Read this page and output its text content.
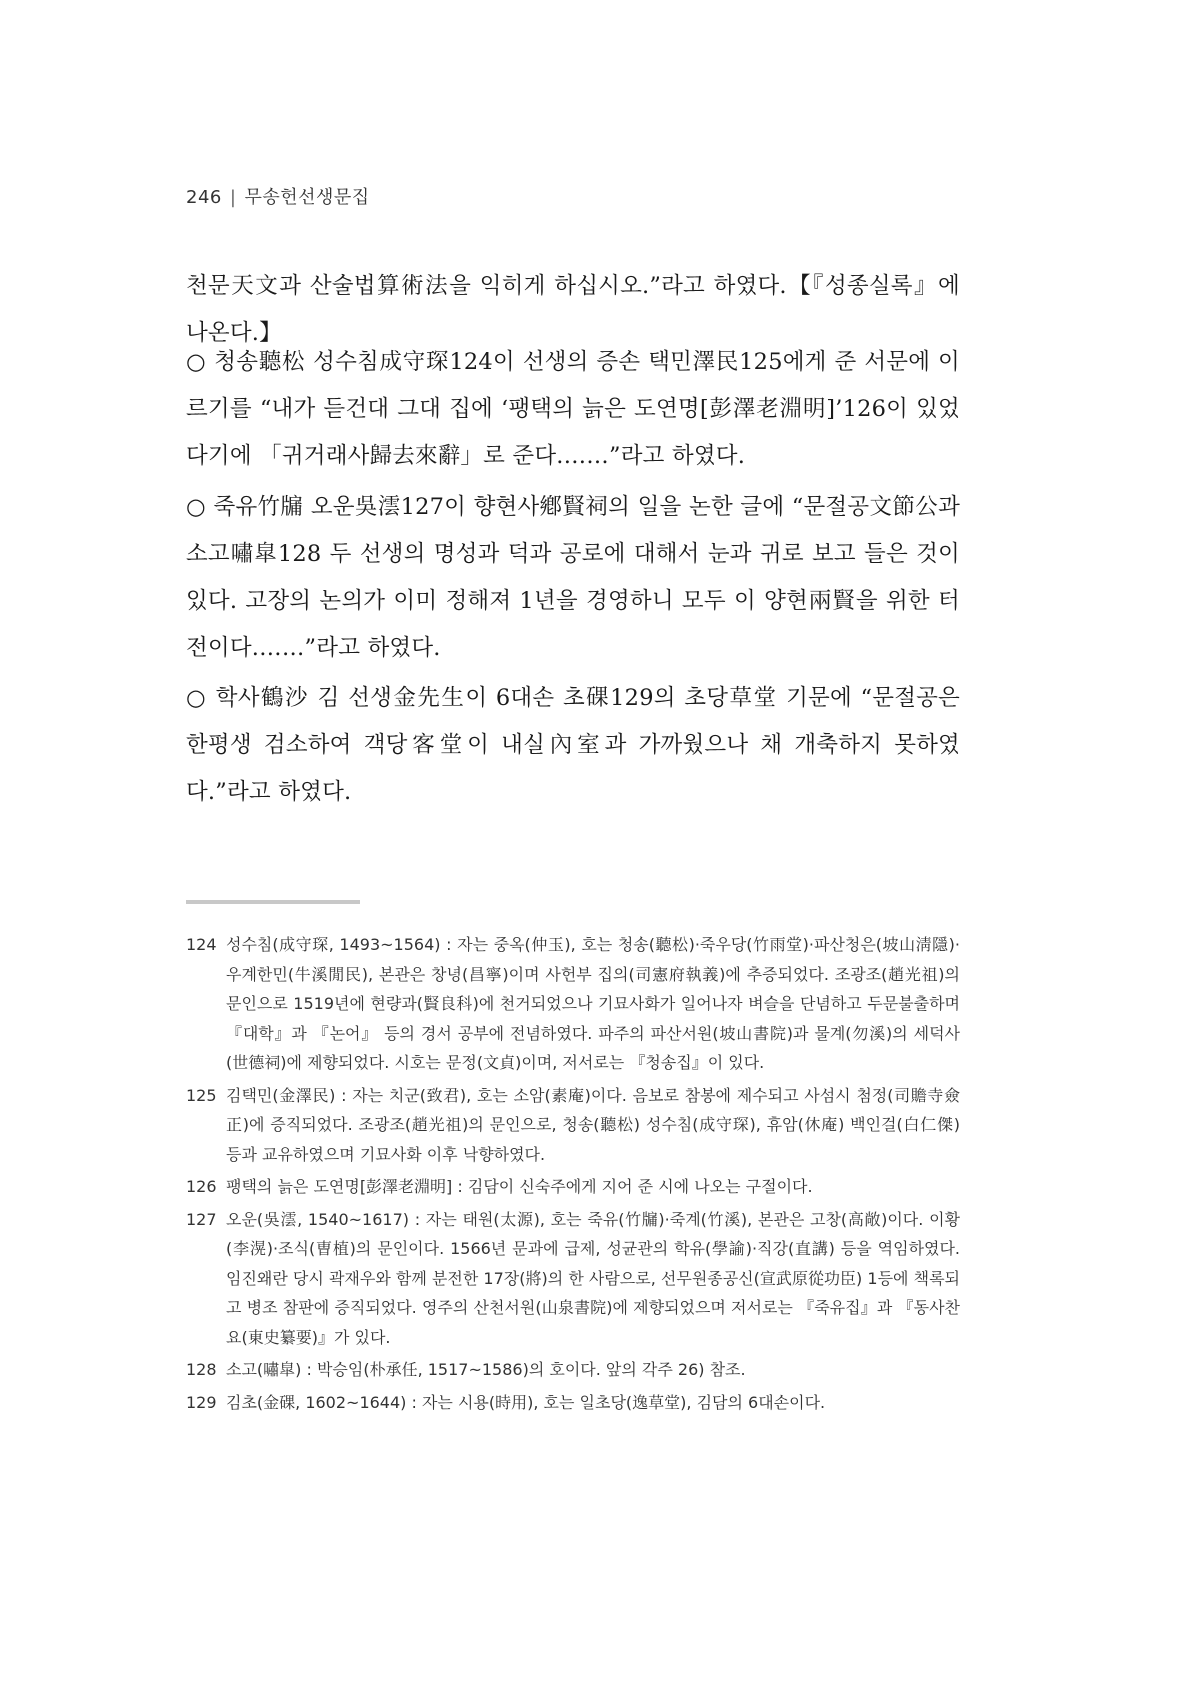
246 | 무송헌선생문집

천문天文과 산술법算術法을 익히게 하십시오.”라고 하였다.【『성종실록』에 나온다.】

○ 청송聽松 성수침成守琛124이 선생의 증손 택민澤民125에게 준 서문에 이르기를 “내가 듣건대 그대 집에 ‘팽택의 늙은 도연명[彭澤老淵明]’126이 있었다기에 「귀거래사歸去來辭」로 준다.……”라고 하였다.

○ 죽유竹牖 오운吳澐127이 향현사鄕賢祠의 일을 논한 글에 “문절공文節公과 소고嘯皐128 두 선생의 명성과 덕과 공로에 대해서 눈과 귀로 보고 들은 것이 있다. 고장의 논의가 이미 정해져 1년을 경영하니 모두 이 양현兩賢을 위한 터전이다.……”라고 하였다.

○ 학사鶴沙 김 선생金先生이 6대손 초䂺129의 초당草堂 기문에 “문절공은 한평생 검소하여 객당客堂이 내실內室과 가까웠으나 채 개축하지 못하였다.”라고 하였다.

124 성수침(成守琛, 1493~1564) : 자는 중옥(仲玉), 호는 청송(聽松)·죽우당(竹雨堂)·파산청은(坡山淸隱)·우계한민(牛溪閒民), 본관은 창녕(昌寧)이며 사헌부 집의(司憲府執義)에 추증되었다. 조광조(趙光祖)의 문인으로 1519년에 현량과(賢良科)에 천거되었으나 기묘사화가 일어나자 벼슬을 단념하고 두문불출하며 『대학』과 『논어』 등의 경서 공부에 전념하였다. 파주의 파산서원(坡山書院)과 물계(勿溪)의 세덕사(世德祠)에 제향되었다. 시호는 문정(文貞)이며, 저서로는 『청송집』이 있다.
125 김택민(金澤民) : 자는 치군(致君), 호는 소암(素庵)이다. 음보로 참봉에 제수되고 사섬시 첨정(司贍寺僉正)에 증직되었다. 조광조(趙光祖)의 문인으로, 청송(聽松) 성수침(成守琛), 휴암(休庵) 백인걸(白仁傑) 등과 교유하였으며 기묘사화 이후 낙향하였다.
126 팽택의 늙은 도연명[彭澤老淵明] : 김담이 신숙주에게 지어 준 시에 나오는 구절이다.
127 오운(吳澐, 1540~1617) : 자는 태원(太源), 호는 죽유(竹牖)·죽계(竹溪), 본관은 고창(高敞)이다. 이황(李滉)·조식(曺植)의 문인이다. 1566년 문과에 급제, 성균관의 학유(學諭)·직강(直講) 등을 역임하였다. 임진왜란 당시 곽재우와 함께 분전한 17장(將)의 한 사람으로, 선무원종공신(宣武原從功臣) 1등에 책록되고 병조 참판에 증직되었다. 영주의 산천서원(山泉書院)에 제향되었으며 저서로는 『죽유집』과 『동사찬요(東史纂要)』가 있다.
128 소고(嘯皐) : 박승임(朴承任, 1517~1586)의 호이다. 앞의 각주 26) 참조.
129 김초(金䂺, 1602~1644) : 자는 시용(時用), 호는 일초당(逸草堂), 김담의 6대손이다.
